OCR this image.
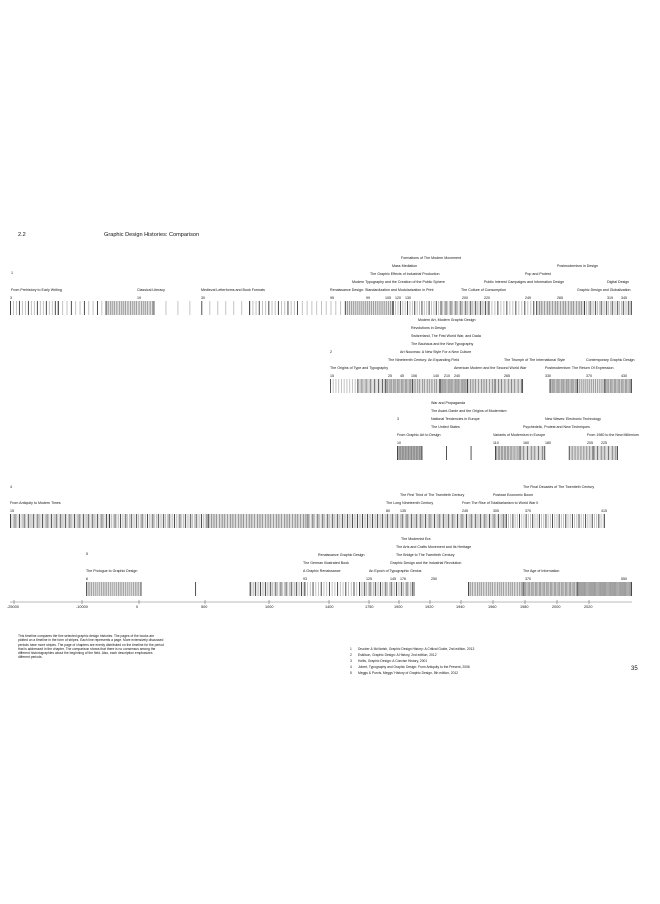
2.2	Graphic Design Histories: Comparison
1
Formations of The Modern Movement
Mass Mediation
The Graphic Effects of Industrial Production
Modern Typography and the Creation of the Public Sphere
Renaissance Design: Standardization and Modularization in Print	The Culture of Consumption
Public Interest Campaigns and Information Design
Pop and Protest
Postmodernism in Design
Digital Design
Graphic Design and Globalization
From Prehistory to Early Writing	Classical Literacy	Medieval Letterforms and Book Formats
3	19	30	95	99	105 120 130	200	220	249	265	319 345
2
Modern Art, Modern Graphic Design
Revolutions in Design
Switzerland, The First World War, and Dada
The Bauhaus and the New Typography
Art Nouveau: A New Style For a New Culture
The Nineteenth Century: An Expanding Field	The Triumph of The International Style	Contemporary Graphic Design
The Origins of Type and Typography	American Modern and the Second World War	Postmodernism: The Return Of Expression
15	25 45 106	140 210 240	265	330	370	430
3
War and Propaganda
The Avant-Garde and the Origins of Modernism
National Tendencies in Europe
The United States
New Waves: Electronic Technology
Psychedelic, Protest and New Techniques
From Graphic Art to Design	Variants of Modernism in Europe	From 1980 to the New Millenium
10	110	160	180	205 225
4	The Final Decades of The Twentieth Century
The First Third of The Twentieth Century	Postwar Economic Boom
From Antiquity to Modern Times	The Long Nineteenth Century	From The Rise of Totalitarianism to World War II
15	80	135	245	305	370	415
5
The Modernist Era
The Arts and Crafts Movement and Its Heritage
Renaissance Graphic Design	The Bridge to The Twentieth Century
The German Illustrated Book	Graphic Design and the Industrial Revolution
A Graphic Renaissance	An Epoch of Typographic Genius
The Prologue to Graphic Design	The Age of Information
6	93	125	145 176	250	370	550
-25000	-10000	0	500	1000	1400	1750	1900	1920	1940	1960	1980	2000	2020
This timeline compares the five selected graphic design histories. The pages of the books are plotted on a timeline in the form of stripes. Each line represents a page. More extensively discussed periods have more stripes. The page of chapters are evenly distributed on the timeline for the period that is addressed in the chapter. The comparison shows that there is no consensus among the different historiographies about the beginning of the field. Also, each description emphasizes different periods.
1 Drucker & McVarish, Graphic Design History: A Critical Guide, 2nd edition, 2013
2 Eskilson, Graphic Design: A History, 2nd edition, 2012
3 Hollis, Graphic Design: A Concise History, 2001
4 Jobert, Typography and Graphic Design: From Antiquity to the Present, 2006
5 Meggs & Purvis, Meggs' History of Graphic Design, 5th edition, 2012
35
